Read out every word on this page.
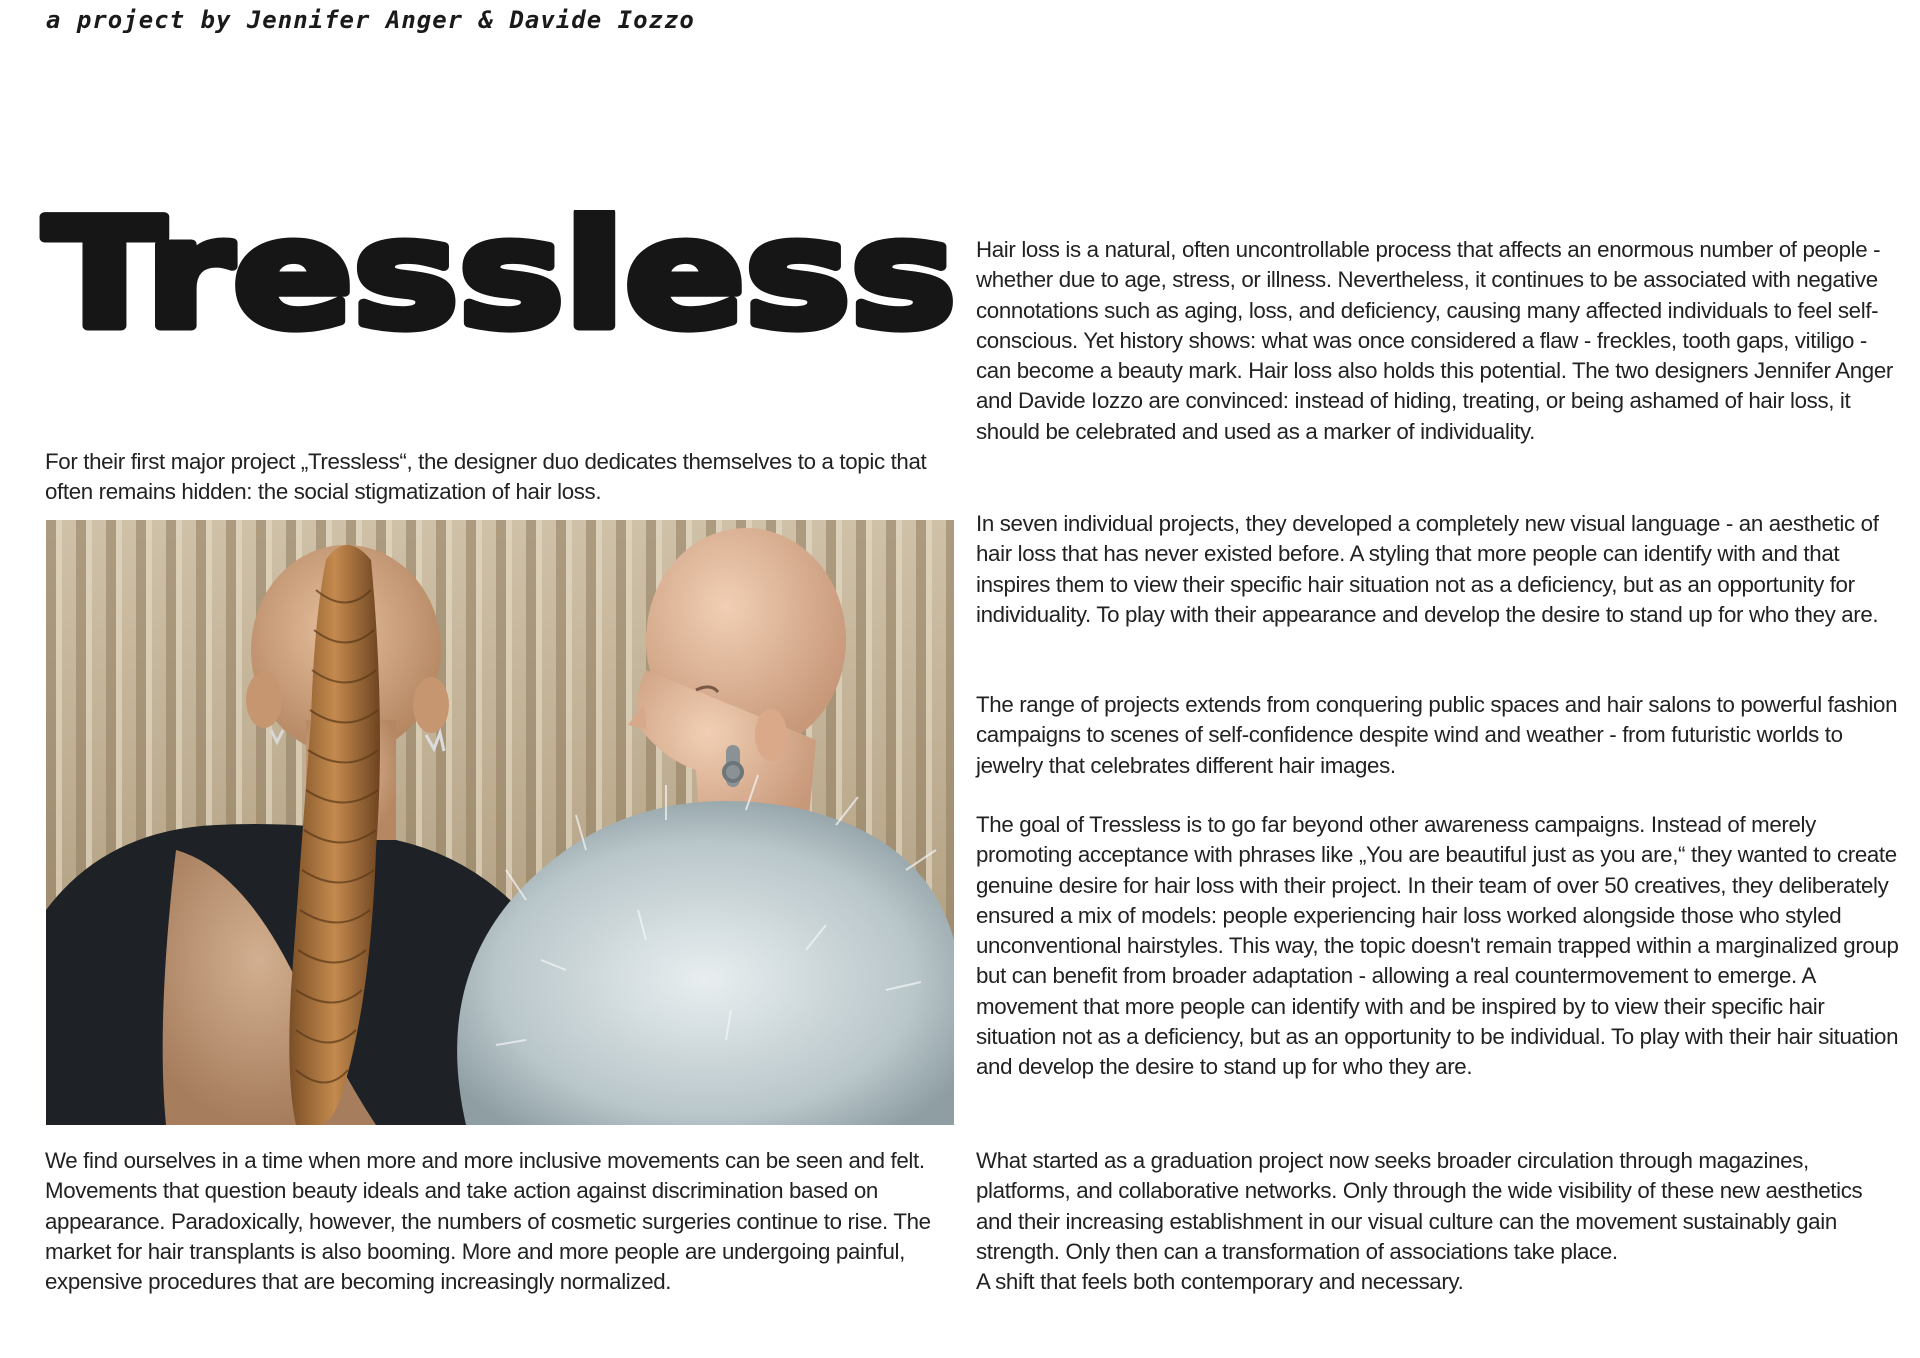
a project by Jennifer Anger & Davide Iozzo

Tressless

For their first major project „Tressless“, the designer duo dedicates themselves to a topic that often remains hidden: the social stigmatization of hair loss.

We find ourselves in a time when more and more inclusive movements can be seen and felt. Movements that question beauty ideals and take action against discrimination based on appearance. Paradoxically, however, the numbers of cosmetic surgeries continue to rise. The market for hair transplants is also booming. More and more people are undergoing painful, expensive procedures that are becoming increasingly normalized.

Hair loss is a natural, often uncontrollable process that affects an enormous number of people - whether due to age, stress, or illness. Nevertheless, it continues to be associated with negative connotations such as aging, loss, and deficiency, causing many affected individuals to feel self-conscious. Yet history shows: what was once considered a flaw - freckles, tooth gaps, vitiligo - can become a beauty mark. Hair loss also holds this potential. The two designers Jennifer Anger and Davide Iozzo are convinced: instead of hiding, treating, or being ashamed of hair loss, it should be celebrated and used as a marker of individuality.

In seven individual projects, they developed a completely new visual language - an aesthetic of hair loss that has never existed before. A styling that more people can identify with and that inspires them to view their specific hair situation not as a deficiency, but as an opportunity for individuality. To play with their appearance and develop the desire to stand up for who they are.

The range of projects extends from conquering public spaces and hair salons to powerful fashion campaigns to scenes of self-confidence despite wind and weather - from futuristic worlds to jewelry that celebrates different hair images.

The goal of Tressless is to go far beyond other awareness campaigns. Instead of merely promoting acceptance with phrases like „You are beautiful just as you are,“ they wanted to create genuine desire for hair loss with their project. In their team of over 50 creatives, they deliberately ensured a mix of models: people experiencing hair loss worked alongside those who styled unconventional hairstyles. This way, the topic doesn't remain trapped within a marginalized group but can benefit from broader adaptation - allowing a real countermovement to emerge. A movement that more people can identify with and be inspired by to view their specific hair situation not as a deficiency, but as an opportunity to be individual. To play with their hair situation and develop the desire to stand up for who they are.

What started as a graduation project now seeks broader circulation through magazines, platforms, and collaborative networks. Only through the wide visibility of these new aesthetics and their increasing establishment in our visual culture can the movement sustainably gain strength. Only then can a transformation of associations take place.
A shift that feels both contemporary and necessary.
